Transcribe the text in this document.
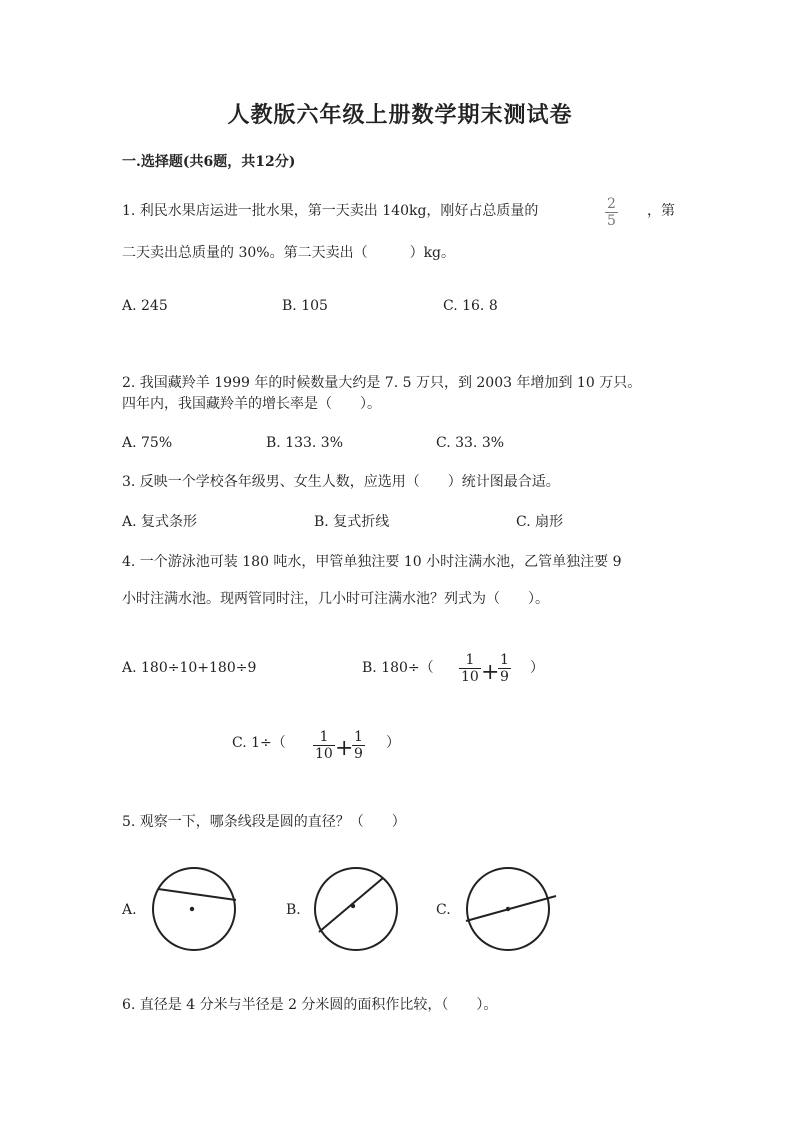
人教版六年级上册数学期末测试卷
一.选择题(共6题，共12分)
1. 利民水果店运进一批水果，第一天卖出 140kg，刚好占总质量的	$\frac{2}{5}$ ，第
二天卖出总质量的 30%。第二天卖出（　　　）kg。
A. 245	B. 105	C. 16. 8
2. 我国藏羚羊 1999 年的时候数量大约是 7. 5 万只，到 2003 年增加到 10 万只。
四年内，我国藏羚羊的增长率是（　　）。
A. 75%	B. 133. 3%	C. 33. 3%
3. 反映一个学校各年级男、女生人数，应选用（　　）统计图最合适。
A. 复式条形	B. 复式折线	C. 扇形
4. 一个游泳池可装 180 吨水，甲管单独注要 10 小时注满水池，乙管单独注要 9
小时注满水池。现两管同时注，几小时可注满水池？列式为（　　）。
A. 180÷10+180÷9	B. $180\div( \frac{1}{10}$ +
$\frac{1}{9}$ ）
C. $1\div( \frac{1}{10}$ +
$\frac{1}{9}$ ）
5. 观察一下，哪条线段是圆的直径？（　　）
A.	B.	C.
6. 直径是 4 分米与半径是 2 分米圆的面积作比较，（　　）。
